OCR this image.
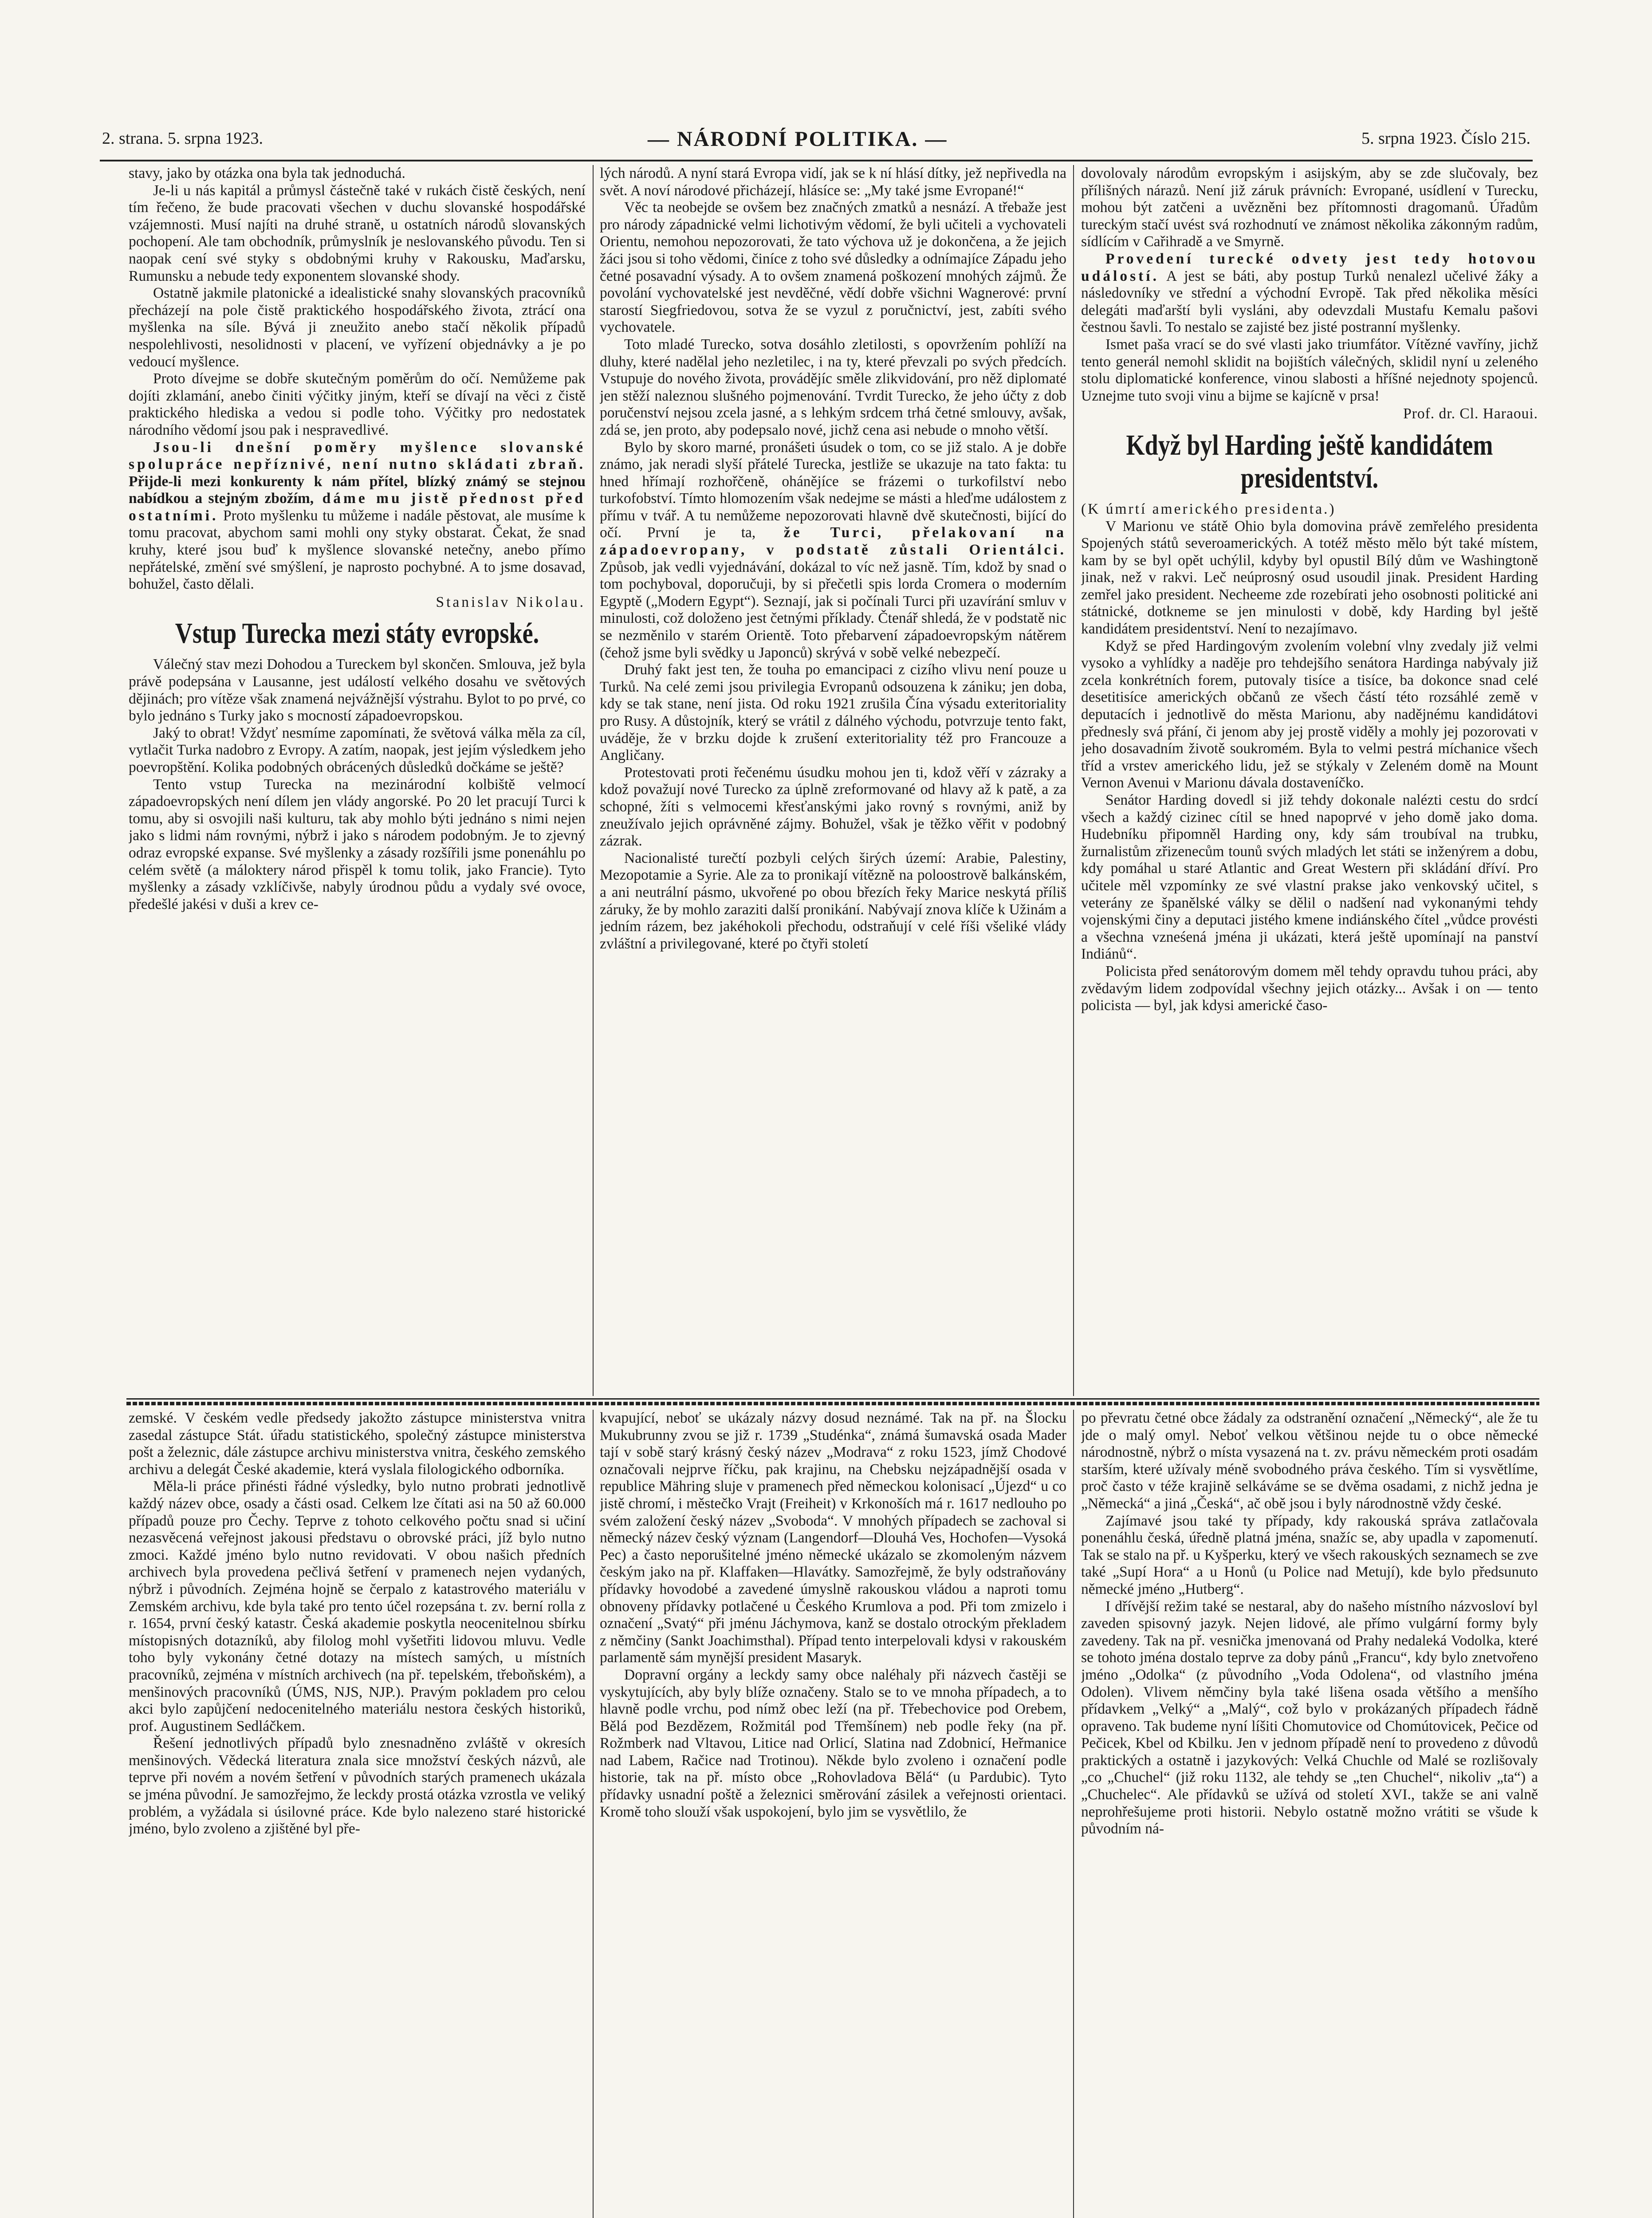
2. strana. 5. srpna 1923.	— NÁRODNÍ POLITIKA. —	5. srpna 1923. Číslo 215.

stavy, jako by otázka ona byla tak jednoduchá.

Je-li u nás kapitál a průmysl částečně také v rukách čistě českých, není tím řečeno, že bude pracovati všechen v duchu slovanské hospodářské vzájemnosti. Musí najíti na druhé straně, u ostatních národů slovanských pochopení. Ale tam obchodník, průmyslník je neslovanského původu. Ten si naopak cení své styky s obdobnými kruhy v Rakousku, Maďarsku, Rumunsku a nebude tedy exponentem slovanské shody.

Ostatně jakmile platonické a idealistické snahy slovanských pracovníků přecházejí na pole čistě praktického hospodářského života, ztrácí ona myšlenka na síle. Bývá ji zneužito anebo stačí několik případů nespolehlivosti, nesolidnosti v placení, ve vyřízení objednávky a je po vedoucí myšlence.

Proto dívejme se dobře skutečným poměrům do očí. Nemůžeme pak dojíti zklamání, anebo činiti výčitky jiným, kteří se dívají na věci z čistě praktického hlediska a vedou si podle toho. Výčitky pro nedostatek národního vědomí jsou pak i nespravedlivé.

Jsou-li dnešní poměry myšlence slovanské spolupráce nepříznivé, není nutno skládati zbraň. Přijde-li mezi konkurenty k nám přítel, blízký známý se stejnou nabídkou a stejným zbožím, dáme mu jistě přednost před ostatními. Proto myšlenku tu můžeme i nadále pěstovat, ale musíme k tomu pracovat, abychom sami mohli ony styky obstarat. Čekat, že snad kruhy, které jsou buď k myšlence slovanské netečny, anebo přímo nepřátelské, změní své smýšlení, je naprosto pochybné. A to jsme dosavad, bohužel, často dělali.

Stanislav Nikolau.
Vstup Turecka mezi státy evropské.

Válečný stav mezi Dohodou a Tureckem byl skončen. Smlouva, jež byla právě podepsána v Lausanne, jest událostí velkého dosahu ve světových dějinách; pro vítěze však znamená nejvážnější výstrahu. Bylot to po prvé, co bylo jednáno s Turky jako s mocností západoevropskou.

Jaký to obrat! Vždyť nesmíme zapomínati, že světová válka měla za cíl, vytlačit Turka nadobro z Evropy. A zatím, naopak, jest jejím výsledkem jeho poevropštění. Kolika podobných obrácených důsledků dočkáme se ještě?

Tento vstup Turecka na mezinárodní kolbiště velmocí západoevropských není dílem jen vlády angorské. Po 20 let pracují Turci k tomu, aby si osvojili naši kulturu, tak aby mohlo býti jednáno s nimi nejen jako s lidmi nám rovnými, nýbrž i jako s národem podobným. Je to zjevný odraz evropské expanse. Své myšlenky a zásady rozšířili jsme ponenáhlu po celém světě (a máloktery národ přispěl k tomu tolik, jako Francie). Tyto myšlenky a zásady vzklíčivše, nabyly úrodnou půdu a vydaly své ovoce, předešlé jakési v duši a krev ce-

lých národů. A nyní stará Evropa vidí, jak se k ní hlásí dítky, jež nepřivedla na svět. A noví národové přicházejí, hlásíce se: „My také jsme Evropané!“

Věc ta neobejde se ovšem bez značných zmatků a nesnází. A třebaže jest pro národy západnické velmi lichotivým vědomí, že byli učiteli a vychovateli Orientu, nemohou nepozorovati, že tato výchova už je dokončena, a že jejich žáci jsou si toho vědomi, činíce z toho své důsledky a odnímajíce Západu jeho četné posavadní výsady. A to ovšem znamená poškození mnohých zájmů. Že povolání vychovatelské jest nevděčné, vědí dobře všichni Wagnerové: první starostí Siegfriedovou, sotva že se vyzul z poručnictví, jest, zabíti svého vychovatele.

Toto mladé Turecko, sotva dosáhlo zletilosti, s opovržením pohlíží na dluhy, které nadělal jeho nezletilec, i na ty, které převzali po svých předcích. Vstupuje do nového života, provádějíc směle zlikvidování, pro něž diplomaté jen stěží naleznou slušného pojmenování. Tvrdit Turecko, že jeho účty z dob poručenství nejsou zcela jasné, a s lehkým srdcem trhá četné smlouvy, avšak, zdá se, jen proto, aby podepsalo nové, jichž cena asi nebude o mnoho větší.

Bylo by skoro marné, pronášeti úsudek o tom, co se již stalo. A je dobře známo, jak neradi slyší přátelé Turecka, jestliže se ukazuje na tato fakta: tu hned hřímají rozhořčeně, ohánějíce se frázemi o turkofilství nebo turkofobství. Tímto hlomozením však nedejme se másti a hleďme událostem z přímu v tvář. A tu nemůžeme nepozorovati hlavně dvě skutečnosti, bijící do očí. První je ta, že Turci, přelakovaní na západoevropany, v podstatě zůstali Orientálci. Způsob, jak vedli vyjednávání, dokázal to víc než jasně. Tím, kdož by snad o tom pochyboval, doporučuji, by si přečetli spis lorda Cromera o moderním Egyptě („Modern Egypt“). Seznají, jak si počínali Turci při uzavírání smluv v minulosti, což doloženo jest četnými příklady. Čtenář shledá, že v podstatě nic se nezměnilo v starém Orientě. Toto přebarvení západoevropským nátěrem (čehož jsme byli svědky u Japonců) skrývá v sobě velké nebezpečí.

Druhý fakt jest ten, že touha po emancipaci z cizího vlivu není pouze u Turků. Na celé zemi jsou privilegia Evropanů odsouzena k zániku; jen doba, kdy se tak stane, není jista. Od roku 1921 zrušila Čína výsadu exteritoriality pro Rusy. A důstojník, který se vrátil z dálného východu, potvrzuje tento fakt, uváděje, že v brzku dojde k zrušení exteritoriality též pro Francouze a Angličany.

Protestovati proti řečenému úsudku mohou jen ti, kdož věří v zázraky a kdož považují nové Turecko za úplně zreformované od hlavy až k patě, a za schopné, žíti s velmocemi křesťanskými jako rovný s rovnými, aniž by zneužívalo jejich oprávněné zájmy. Bohužel, však je těžko věřit v podobný zázrak.

Nacionalisté turečtí pozbyli celých širých území: Arabie, Palestiny, Mezopotamie a Syrie. Ale za to pronikají vítězně na poloostrově balkánském, a ani neutrální pásmo, ukvořené po obou březích řeky Marice neskytá příliš záruky, že by mohlo zaraziti další pronikání. Nabývají znova klíče k Užinám a jedním rázem, bez jakéhokoli přechodu, odstraňují v celé říši všeliké vlády zvláštní a privilegované, které po čtyři století

dovolovaly národům evropským i asijským, aby se zde slučovaly, bez přílišných nárazů. Není již záruk právních: Evropané, usídlení v Turecku, mohou být zatčeni a uvězněni bez přítomnosti dragomanů. Úřadům tureckým stačí uvést svá rozhodnutí ve známost několika zákonným radům, sídlícím v Cařihradě a ve Smyrně.

Provedení turecké odvety jest tedy hotovou událostí. A jest se báti, aby postup Turků nenalezl učelivé žáky a následovníky ve střední a východní Evropě. Tak před několika měsíci delegáti maďarští byli vysláni, aby odevzdali Mustafu Kemalu pašovi čestnou šavli. To nestalo se zajisté bez jisté postranní myšlenky.

Ismet paša vrací se do své vlasti jako triumfátor. Vítězné vavříny, jichž tento generál nemohl sklidit na bojištích válečných, sklidil nyní u zeleného stolu diplomatické konference, vinou slabosti a hříšné nejednoty spojenců. Uznejme tuto svoji vinu a bijme se kajícně v prsa!

Prof. dr. Cl. Haraoui.
Když byl Harding ještě kandidátem presidentství.

(K úmrtí amerického presidenta.)

V Marionu ve státě Ohio byla domovina právě zemřelého presidenta Spojených států severoamerických. A totéž město mělo být také místem, kam by se byl opět uchýlil, kdyby byl opustil Bílý dům ve Washingtoně jinak, než v rakvi. Leč neúprosný osud usoudil jinak. President Harding zemřel jako president. Necheeme zde rozebírati jeho osobnosti politické ani státnické, dotkneme se jen minulosti v době, kdy Harding byl ještě kandidátem presidentství. Není to nezajímavo.

Když se před Hardingovým zvolením volební vlny zvedaly již velmi vysoko a vyhlídky a naděje pro tehdejšího senátora Hardinga nabývaly již zcela konkrétních forem, putovaly tisíce a tisíce, ba dokonce snad celé desetitisíce amerických občanů ze všech částí této rozsáhlé země v deputacích i jednotlivě do města Marionu, aby nadějnému kandidátovi přednesly svá přání, či jenom aby jej prostě viděly a mohly jej pozorovati v jeho dosavadním životě soukromém. Byla to velmi pestrá míchanice všech tříd a vrstev amerického lidu, jež se stýkaly v Zeleném domě na Mount Vernon Avenui v Marionu dávala dostaveníčko.

Senátor Harding dovedl si již tehdy dokonale nalézti cestu do srdcí všech a každý cizinec cítil se hned napoprvé v jeho domě jako doma. Hudebníku připomněl Harding ony, kdy sám troubíval na trubku, žurnalistům zřizenecům tounů svých mladých let státi se inženýrem a dobu, kdy pomáhal u staré Atlantic and Great Western při skládání dříví. Pro učitele měl vzpomínky ze své vlastní prakse jako venkovský učitel, s veterány ze španělské války se dělil o nadšení nad vykonanými tehdy vojenskými činy a deputaci jistého kmene indiánského čítel „vůdce provésti a všechna vzneśená jména ji ukázati, která ještě upomínají na panství Indiánů“.

Policista před senátorovým domem měl tehdy opravdu tuhou práci, aby zvědavým lidem zodpovídal všechny jejich otázky... Avšak i on — tento policista — byl, jak kdysi americké časo-

zemské. V českém vedle předsedy jakožto zástupce ministerstva vnitra zasedal zástupce Stát. úřadu statistického, společný zástupce ministerstva pošt a železnic, dále zástupce archivu ministerstva vnitra, českého zemského archivu a delegát České akademie, která vyslala filologického odborníka.

Měla-li práce přinésti řádné výsledky, bylo nutno probrati jednotlivě každý název obce, osady a části osad. Celkem lze čítati asi na 50 až 60.000 případů pouze pro Čechy. Teprve z tohoto celkového počtu snad si učiní nezasvěcená veřejnost jakousi představu o obrovské práci, jíž bylo nutno zmoci. Každé jméno bylo nutno revidovati. V obou našich předních archivech byla provedena pečlivá šetření v pramenech nejen vydaných, nýbrž i původních. Zejména hojně se čerpalo z katastrového materiálu v Zemském archivu, kde byla také pro tento účel rozepsána t. zv. berní rolla z r. 1654, první český katastr. Česká akademie poskytla neocenitelnou sbírku místopisných dotazníků, aby filolog mohl vyšetřiti lidovou mluvu. Vedle toho byly vykonány četné dotazy na místech samých, u místních pracovníků, zejména v místních archivech (na př. tepelském, třeboňském), a menšinových pracovníků (ÚMS, NJS, NJP.). Pravým pokladem pro celou akci bylo zapůjčení nedocenitelného materiálu nestora českých historiků, prof. Augustinem Sedláčkem.

Řešení jednotlivých případů bylo znesnadněno zvláště v okresích menšinových. Vědecká literatura znala sice množství českých názvů, ale teprve při novém a novém šetření v původních starých pramenech ukázala se jména původní. Je samozřejmo, že leckdy prostá otázka vzrostla ve veliký problém, a vyžádala si úsilovné práce. Kde bylo nalezeno staré historické jméno, bylo zvoleno a zjištěné byl pře-

kvapující, neboť se ukázaly názvy dosud neznámé. Tak na př. na Šlocku Mukubrunny zvou se již r. 1739 „Studénka“, známá šumavská osada Mader tají v sobě starý krásný český název „Modrava“ z roku 1523, jímž Chodové označovali nejprve říčku, pak krajinu, na Chebsku nejzápadnější osada v republice Mähring sluje v pramenech před německou kolonisací „Újezd“ u co jistě chromí, i městečko Vrajt (Freiheit) v Krkonoších má r. 1617 nedlouho po svém založení český název „Svoboda“. V mnohých případech se zachoval si německý název český význam (Langendorf—Dlouhá Ves, Hochofen—Vysoká Pec) a často neporušitelné jméno německé ukázalo se zkomoleným názvem českým jako na př. Klaffaken—Hlavátky. Samozřejmě, že byly odstraňovány přídavky hovodobé a zavedené úmyslně rakouskou vládou a naproti tomu obnoveny přídavky potlačené u Českého Krumlova a pod. Při tom zmizelo i označení „Svatý“ při jménu Jáchymova, kanž se dostalo otrockým překladem z němčiny (Sankt Joachimsthal). Případ tento interpelovali kdysi v rakouském parlamentě sám mynější president Masaryk.

Dopravní orgány a leckdy samy obce naléhaly při názvech častěji se vyskytujících, aby byly blíže označeny. Stalo se to ve mnoha případech, a to hlavně podle vrchu, pod nímž obec leží (na př. Třebechovice pod Orebem, Bělá pod Bezdězem, Rožmitál pod Třemšínem) neb podle řeky (na př. Rožmberk nad Vltavou, Litice nad Orlicí, Slatina nad Zdobnicí, Heřmanice nad Labem, Račice nad Trotinou). Někde bylo zvoleno i označení podle historie, tak na př. místo obce „Rohovladova Bělá“ (u Pardubic). Tyto přídavky usnadní poště a železnici směrování zásilek a veřejnosti orientaci. Kromě toho slouží však uspokojení, bylo jim se vysvětlilo, že

po převratu četné obce žádaly za odstranění označení „Německý“, ale že tu jde o malý omyl. Neboť velkou většinou nejde tu o obce německé národnostně, nýbrž o místa vysazená na t. zv. právu německém proti osadám starším, které užívaly méně svobodného práva českého. Tím si vysvětlíme, proč často v téže krajině selkáváme se se dvěma osadami, z nichž jedna je „Německá“ a jiná „Česká“, ač obě jsou i byly národnostně vždy české.

Zajímavé jsou také ty případy, kdy rakouská správa zatlačovala ponenáhlu česká, úředně platná jména, snažíc se, aby upadla v zapomenutí. Tak se stalo na př. u Kyšperku, který ve všech rakouských seznamech se zve také „Supí Hora“ a u Honů (u Police nad Metují), kde bylo předsunuto německé jméno „Hutberg“.

I dřívější režim také se nestaral, aby do našeho místního názvosloví byl zaveden spisovný jazyk. Nejen lidové, ale přímo vulgární formy byly zavedeny. Tak na př. vesnička jmenovaná od Prahy nedaleká Vodolka, které se tohoto jména dostalo teprve za doby pánů „Francu“, kdy bylo znetvořeno jméno „Odolka“ (z původního „Voda Odolena“, od vlastního jména Odolen). Vlivem němčiny byla také lišena osada většího a menšího přídavkem „Velký“ a „Malý“, což bylo v prokázaných případech řádně opraveno. Tak budeme nyní líšiti Chomutovice od Chomútovicek, Pečice od Pečicek, Kbel od Kbilku. Jen v jednom případě není to provedeno z důvodů praktických a ostatně i jazykových: Velká Chuchle od Malé se rozlišovaly „co „Chuchel“ (již roku 1132, ale tehdy se „ten Chuchel“, nikoliv „ta“) a „Chuchelec“. Ale přídavků se užívá od století XVI., takže se ani valně neprohřešujeme proti historii. Nebylo ostatně možno vrátiti se všude k původním ná-
